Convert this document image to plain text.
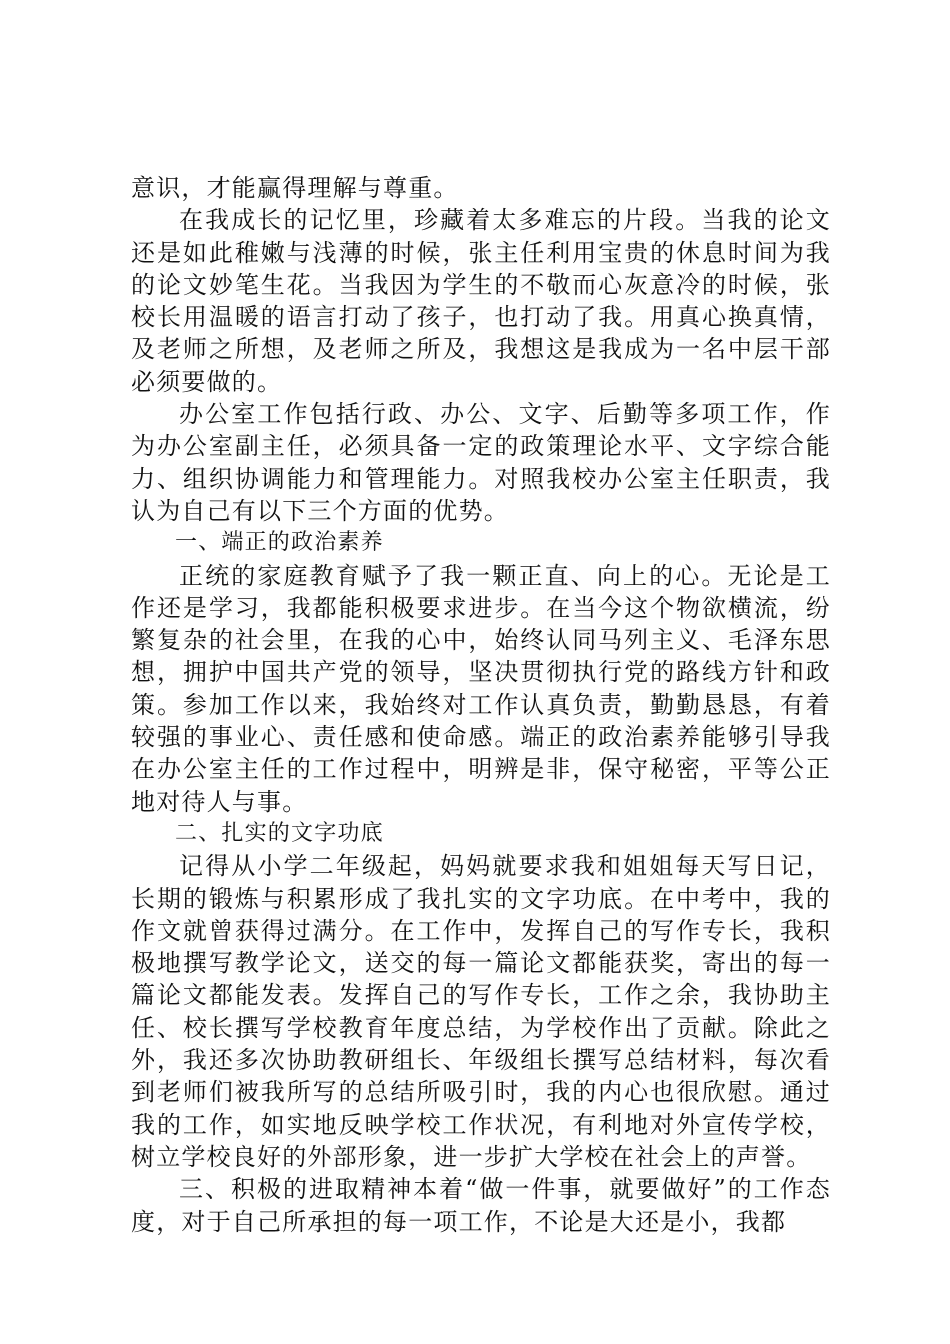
意识，才能赢得理解与尊重。

在我成长的记忆里，珍藏着太多难忘的片段。当我的论文还是如此稚嫩与浅薄的时候，张主任利用宝贵的休息时间为我的论文妙笔生花。当我因为学生的不敬而心灰意冷的时候，张校长用温暖的语言打动了孩子，也打动了我。用真心换真情，及老师之所想，及老师之所及，我想这是我成为一名中层干部必须要做的。

办公室工作包括行政、办公、文字、后勤等多项工作，作为办公室副主任，必须具备一定的政策理论水平、文字综合能力、组织协调能力和管理能力。对照我校办公室主任职责，我认为自己有以下三个方面的优势。

一、端正的政治素养

正统的家庭教育赋予了我一颗正直、向上的心。无论是工作还是学习，我都能积极要求进步。在当今这个物欲横流，纷繁复杂的社会里，在我的心中，始终认同马列主义、毛泽东思想，拥护中国共产党的领导，坚决贯彻执行党的路线方针和政策。参加工作以来，我始终对工作认真负责，勤勤恳恳，有着较强的事业心、责任感和使命感。端正的政治素养能够引导我在办公室主任的工作过程中，明辨是非，保守秘密，平等公正地对待人与事。

二、扎实的文字功底

记得从小学二年级起，妈妈就要求我和姐姐每天写日记，长期的锻炼与积累形成了我扎实的文字功底。在中考中，我的作文就曾获得过满分。在工作中，发挥自己的写作专长，我积极地撰写教学论文，送交的每一篇论文都能获奖，寄出的每一篇论文都能发表。发挥自己的写作专长，工作之余，我协助主任、校长撰写学校教育年度总结，为学校作出了贡献。除此之外，我还多次协助教研组长、年级组长撰写总结材料，每次看到老师们被我所写的总结所吸引时，我的内心也很欣慰。通过我的工作，如实地反映学校工作状况，有利地对外宣传学校，树立学校良好的外部形象，进一步扩大学校在社会上的声誉。

三、积极的进取精神本着“做一件事，就要做好”的工作态度，对于自己所承担的每一项工作，不论是大还是小，我都
